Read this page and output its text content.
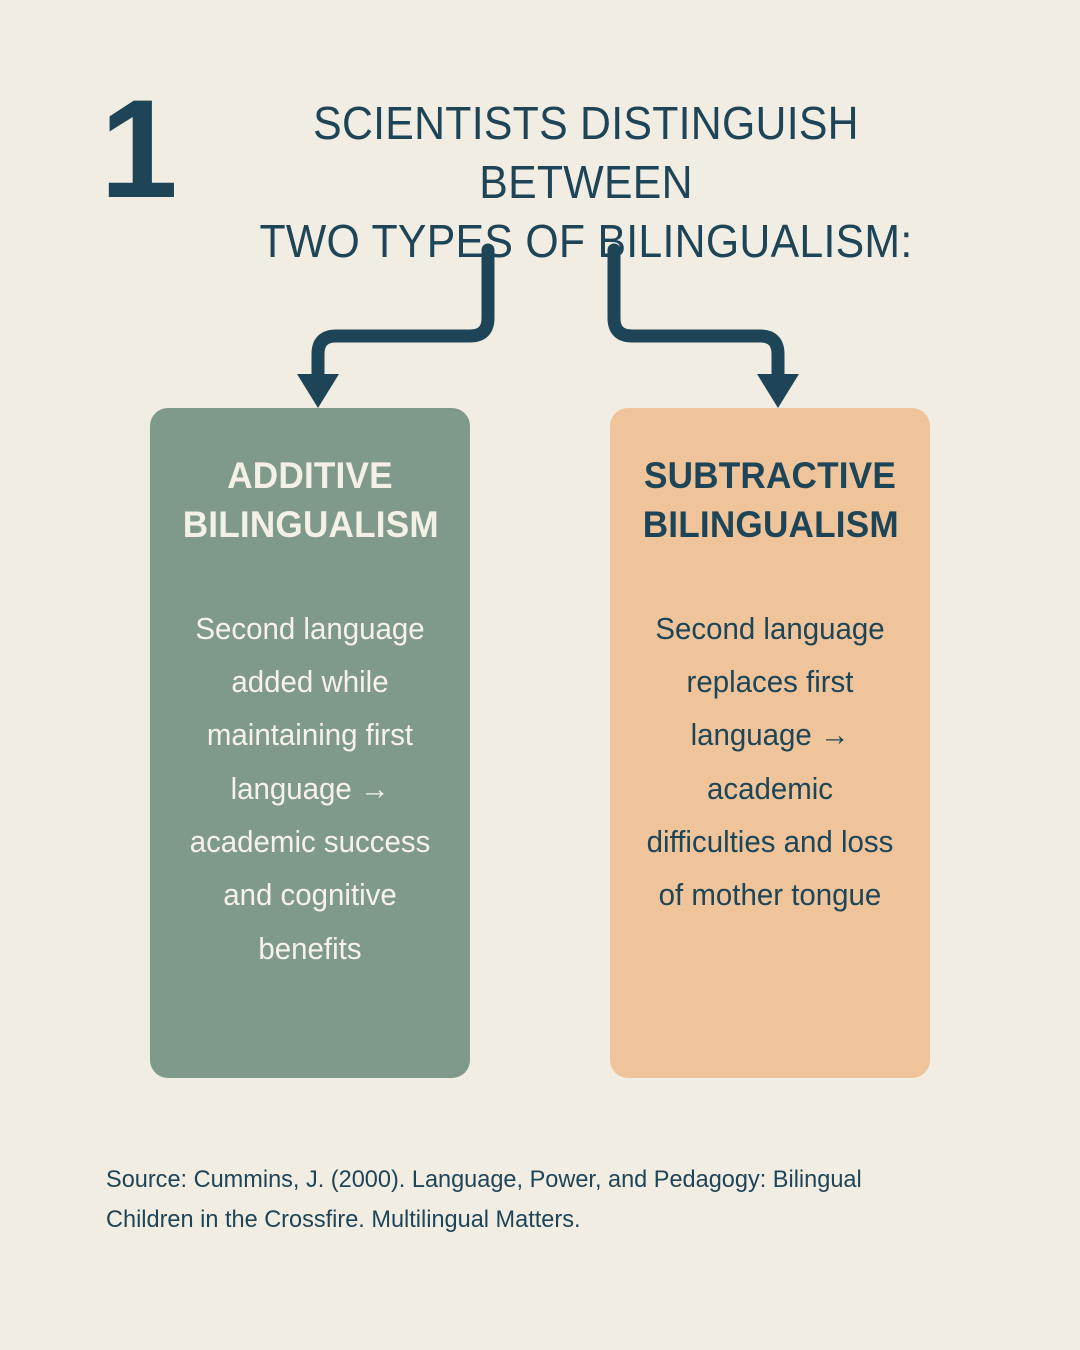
1	SCIENTISTS DISTINGUISH BETWEEN
TWO TYPES OF BILINGUALISM:
ADDITIVE
BILINGUALISM
Second language added while maintaining first language → academic success and cognitive benefits
SUBTRACTIVE
BILINGUALISM
Second language replaces first language → academic difficulties and loss of mother tongue
Source: Cummins, J. (2000). Language, Power, and Pedagogy: Bilingual
Children in the Crossfire. Multilingual Matters.
